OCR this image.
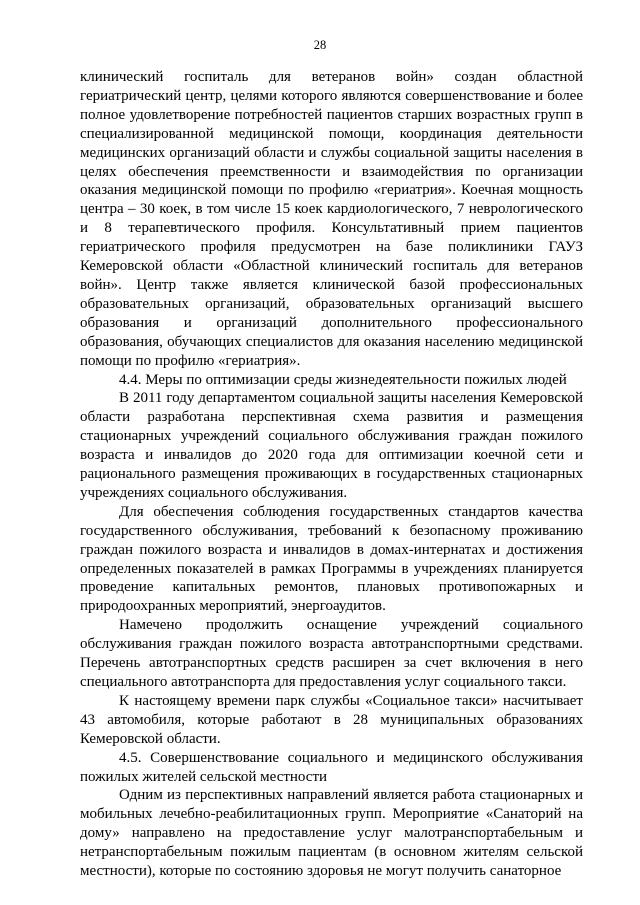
28

клинический госпиталь для ветеранов войн» создан областной гериатрический центр, целями которого являются совершенствование и более полное удовлетворение потребностей пациентов старших возрастных групп в специализированной медицинской помощи, координация деятельности медицинских организаций области и службы социальной защиты населения в целях обеспечения преемственности и взаимодействия по организации оказания медицинской помощи по профилю «гериатрия». Коечная мощность центра – 30 коек, в том числе 15 коек кардиологического, 7 неврологического и 8 терапевтического профиля. Консультативный прием пациентов гериатрического профиля предусмотрен на базе поликлиники ГАУЗ Кемеровской области «Областной клинический госпиталь для ветеранов войн». Центр также является клинической базой профессиональных образовательных организаций, образовательных организаций высшего образования и организаций дополнительного профессионального образования, обучающих специалистов для оказания населению медицинской помощи по профилю «гериатрия».

4.4. Меры по оптимизации среды жизнедеятельности пожилых людей

В 2011 году департаментом социальной защиты населения Кемеровской области разработана перспективная схема развития и размещения стационарных учреждений социального обслуживания граждан пожилого возраста и инвалидов до 2020 года для оптимизации коечной сети и рационального размещения проживающих в государственных стационарных учреждениях социального обслуживания.

Для обеспечения соблюдения государственных стандартов качества государственного обслуживания, требований к безопасному проживанию граждан пожилого возраста и инвалидов в домах-интернатах и достижения определенных показателей в рамках Программы в учреждениях планируется проведение капитальных ремонтов, плановых противопожарных и природоохранных мероприятий, энергоаудитов.

Намечено продолжить оснащение учреждений социального обслуживания граждан пожилого возраста автотранспортными средствами. Перечень автотранспортных средств расширен за счет включения в него специального автотранспорта для предоставления услуг социального такси.

К настоящему времени парк службы «Социальное такси» насчитывает 43 автомобиля, которые работают в 28 муниципальных образованиях Кемеровской области.

4.5. Совершенствование социального и медицинского обслуживания пожилых жителей сельской местности

Одним из перспективных направлений является работа стационарных и мобильных лечебно-реабилитационных групп. Мероприятие «Санаторий на дому» направлено на предоставление услуг малотранспортабельным и нетранспортабельным пожилым пациентам (в основном жителям сельской местности), которые по состоянию здоровья не могут получить санаторное
